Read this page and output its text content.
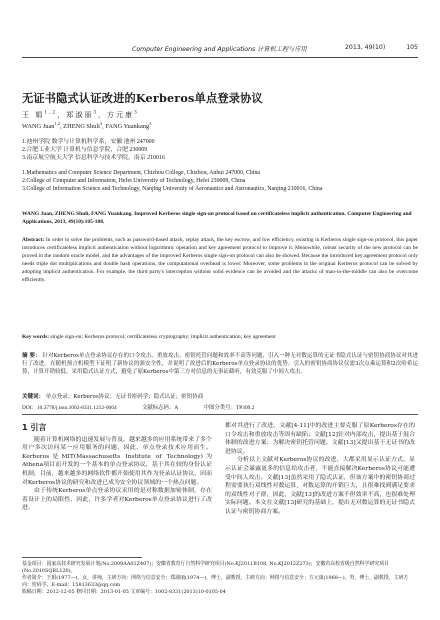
Computer Engineering and Applications 计算机工程与应用	2013, 49(10)	105
无证书隐式认证改进的Kerberos单点登录协议
王 娟$^{1,2}$，郑淑丽$^3$，方元康$^3$
WANG Juan$^{1,2}$, ZHENG Shuli$^3$, FANG Yuankang$^3$
1.池州学院 数学与计算机科学系，安徽 池州 247000
2.合肥工业大学 计算机与信息学院，合肥 230009
3.南京航空航天大学 信息科学与技术学院，南京 210016
1.Mathematics and Computer Science Department, Chizhou College, Chizhou, Anhui 247000, China
2.College of Computer and Information, Hefei University of Technology, Hefei 230009, China
3.College of Information Science and Technology, Nanjing University of Aeronautics and Astronautics, Nanjing 210016, China
WANG Juan, ZHENG Shuli, FANG Yuankang. Improved Kerberos single sign-on protocol based on certificateless implicit authentication. Computer Engineering and Applications, 2013, 49(10):105-108.
Abstract: In order to solve the problems, such as password-based attack, replay attack, the key escrow, and low efficiency, existing in Kerberos single sign-on protocol, this paper introduces certificateless implicit authentication without logarithmic operation and key agreement protocol to improve it. Meanwhile, robust security of the new protocol can be proved in the random oracle model, and the advantages of the improved Kerberos single sign-on protocol can also be showed. Because the introduced key agreement protocol only needs triple dot multiplications and double hash operations, the computational overhead is lower. Moreover, some problems in the original Kerberos protocol can be solved by adopting implicit authentication. For example, the third party's interception without solid evidence can be avoided and the attacks of man-in-the-middle can also be overcome efficiently.
Key words: single sign-on; Kerberos protocol; certificateless cryptography; implicit authentication; key agreement
摘 要： 针对Kerberos单点登录协议存在的口令攻击、重放攻击、密钥托管问题和效率不高等问题，引入一种无对数运算的无证书隐式认证与密钥协商协议对其进行了改进。在随机预言机模型下证明了新协议的强安全性，并说明了改进后的Kerberos单点登录协议的优势。引入的密钥协商协议仅需3次点乘运算和2次哈希运算，计算开销较低。采用隐式认证方式，避免了原Kerberos中第三方对信息的无事证截听，有效克服了中间人攻击。
关键词： 单点登录；Kerberos协议；无证书密码学；隐式认证；密钥协商
DOI：10.3778/j.issn.1002-8331.1212-0064	文献标志码：A	中图分类号：TP309.2
1 引言

随着计算机网络的迅速发展与普及，越来越多的应用系统带来了多个用户多次访问某一应用服务的问题，因此，单点登录技术应用而生。Kerberos是MIT(Massachusetts Institute of Technology)为Athena项目而开发的一个基本的单点登录协议，基于其在较的身份认证机制，目前，越来越多的网络软件都开始使用其作为登录认证协议，因而对Kerberos协议的研究和改进已成为安全协议领域的一个热点问题。

由于传统Kerberos单点登录协议采用的是对称数据加密体制，存在着设计上的局限性，因此，许多学者对Kerberos单点登录协议进行了改进。

都对其进行了改进。文献[4-11]中的改进主要克服了原Kerberos存在的口令攻击和重放攻击等固有缺陷；文献[12]针对内部攻击，提出基于混合体制的改进方案；为解决密钥托管问题，文献[13]又提出基于无证书的改进协议。

分析以上文献对Kerberos协议的改进，大都采用显示认证方式，显示认证会暴露更多的信息给攻击者，不能直接解决Kerberos协议可能遭受中间人攻击。文献[13]虽然采用了隐式认证，但该方案中的密钥协商过程需要执行双线性对数运算，对数运算的开销巨大，且很难找到满足要求的双线性对子群，因此，文献[13]的改进方案不但效率不高，也很难处理实际问题。本文在文献[13]研究的基础上，提出无对数运算的无证书隐式认证与密钥协商方案。

基金项目：国家高技术研究发展计划(No.2009AA01Z407)；安徽省教育厅自然科学研究项目(No.KJ2011B108, No.KJ2012Z273)；安徽省高校省级自然科学研究项目(No.2010SQRL120)。
作者简介：王娟(1977—)，女，讲师，主研方向：网络与信息安全；郑淑丽(1974—)，博士，副教授，主研方向：网络与信息安全；方元康(1968—)，男，博士，副教授，主研方向：密码学。E-mail：15813633@qq.com
收稿日期：2012-12-05 修回日期：2013-01-05 文章编号：1002-8331(2013)10-0105-04
